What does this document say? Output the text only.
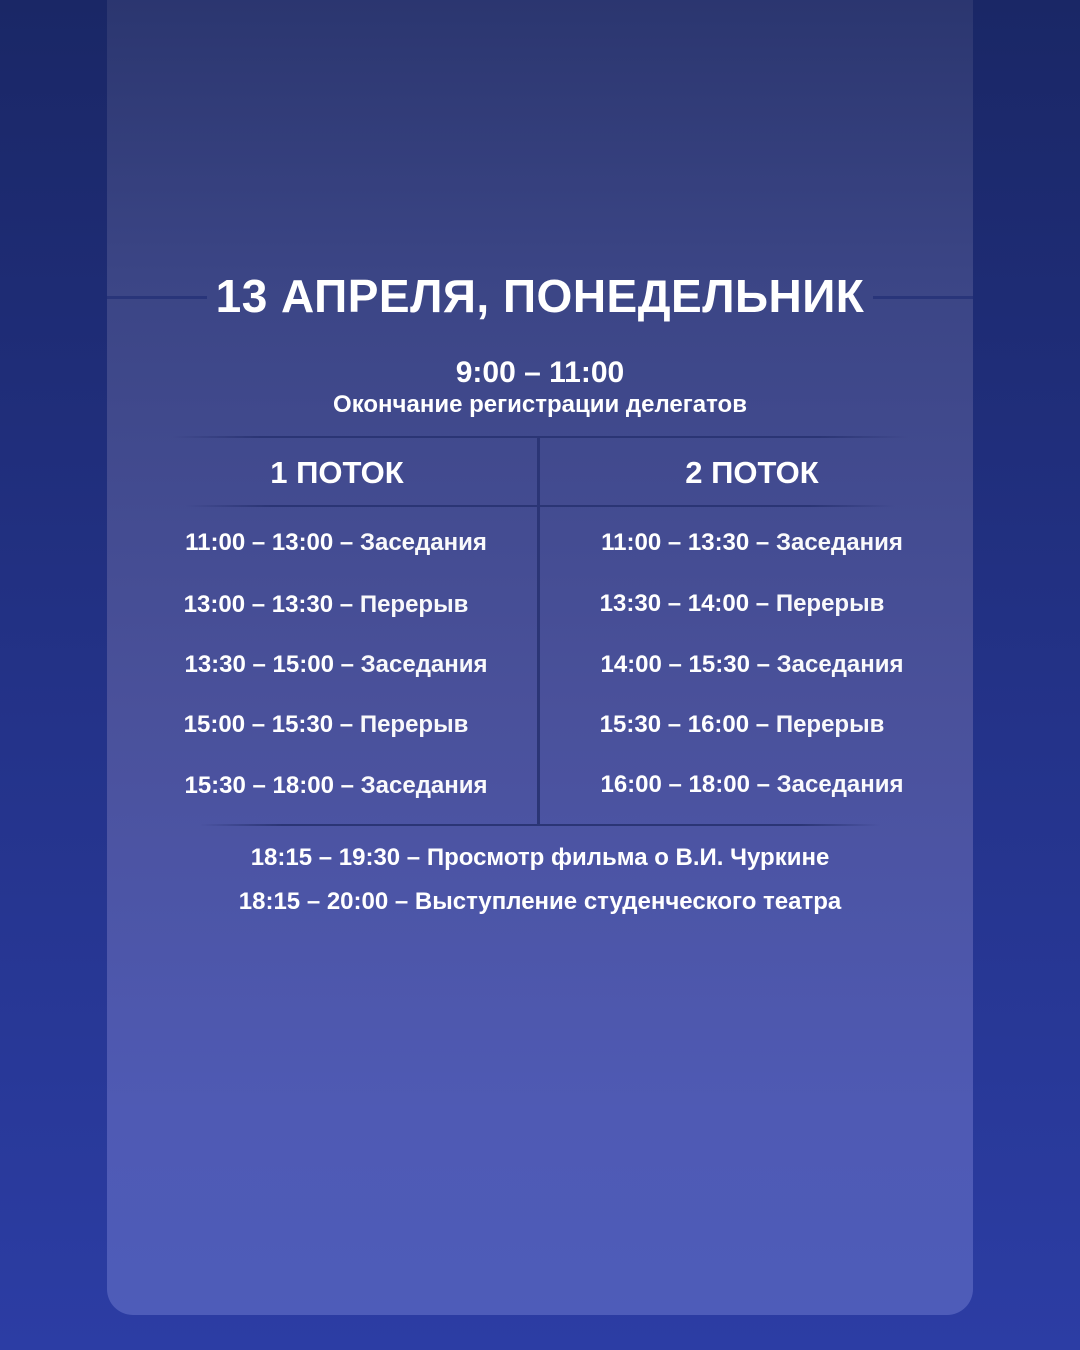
13 АПРЕЛЯ, ПОНЕДЕЛЬНИК
9:00 – 11:00
Окончание регистрации делегатов
1 ПОТОК	2 ПОТОК
11:00 – 13:00 – Заседания
13:00 – 13:30 – Перерыв
13:30 – 15:00 – Заседания
15:00 – 15:30 – Перерыв
15:30 – 18:00 – Заседания
11:00 – 13:30 – Заседания
13:30 – 14:00 – Перерыв
14:00 – 15:30 – Заседания
15:30 – 16:00 – Перерыв
16:00 – 18:00 – Заседания
18:15 – 19:30 – Просмотр фильма о В.И. Чуркине
18:15 – 20:00 – Выступление студенческого театра
